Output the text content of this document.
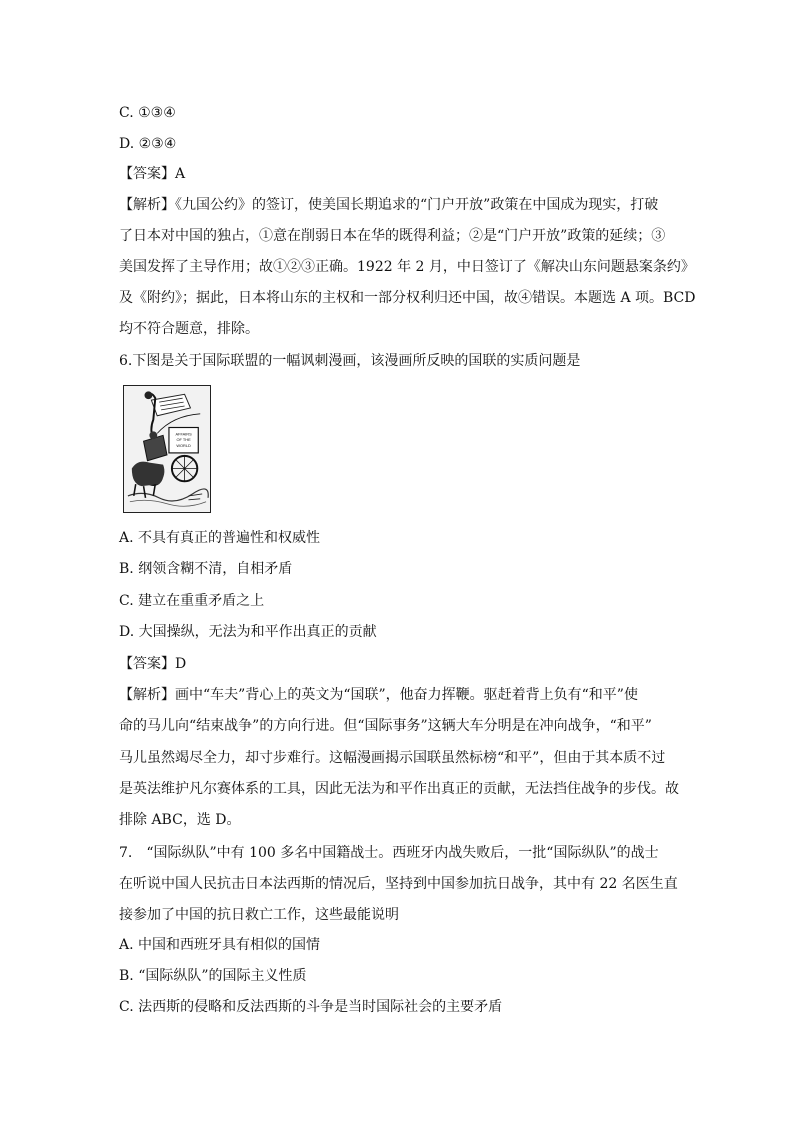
C. ①③④
D. ②③④
【答案】A
【解析】《九国公约》的签订，使美国长期追求的“门户开放”政策在中国成为现实，打破
了日本对中国的独占，①意在削弱日本在华的既得利益；②是“门户开放”政策的延续；③
美国发挥了主导作用；故①②③正确。1922 年 2 月，中日签订了《解决山东问题悬案条约》
及《附约》；据此，日本将山东的主权和一部分权利归还中国，故④错误。本题选 A 项。BCD
均不符合题意，排除。
6.下图是关于国际联盟的一幅讽刺漫画，该漫画所反映的国联的实质问题是
AFFAIRS
OF THE
WORLD
A. 不具有真正的普遍性和权威性
B. 纲领含糊不清，自相矛盾
C. 建立在重重矛盾之上
D. 大国操纵，无法为和平作出真正的贡献
【答案】D
【解析】画中“车夫”背心上的英文为“国联”，他奋力挥鞭。驱赶着背上负有“和平”使
命的马儿向“结束战争”的方向行进。但“国际事务”这辆大车分明是在冲向战争，“和平”
马儿虽然竭尽全力，却寸步难行。这幅漫画揭示国联虽然标榜“和平”，但由于其本质不过
是英法维护凡尔赛体系的工具，因此无法为和平作出真正的贡献，无法挡住战争的步伐。故
排除 ABC，选 D。
7.　“国际纵队”中有 100 多名中国籍战士。西班牙内战失败后，一批“国际纵队”的战士
在听说中国人民抗击日本法西斯的情况后，坚持到中国参加抗日战争，其中有 22 名医生直
接参加了中国的抗日救亡工作，这些最能说明
A. 中国和西班牙具有相似的国情
B. “国际纵队”的国际主义性质
C. 法西斯的侵略和反法西斯的斗争是当时国际社会的主要矛盾
